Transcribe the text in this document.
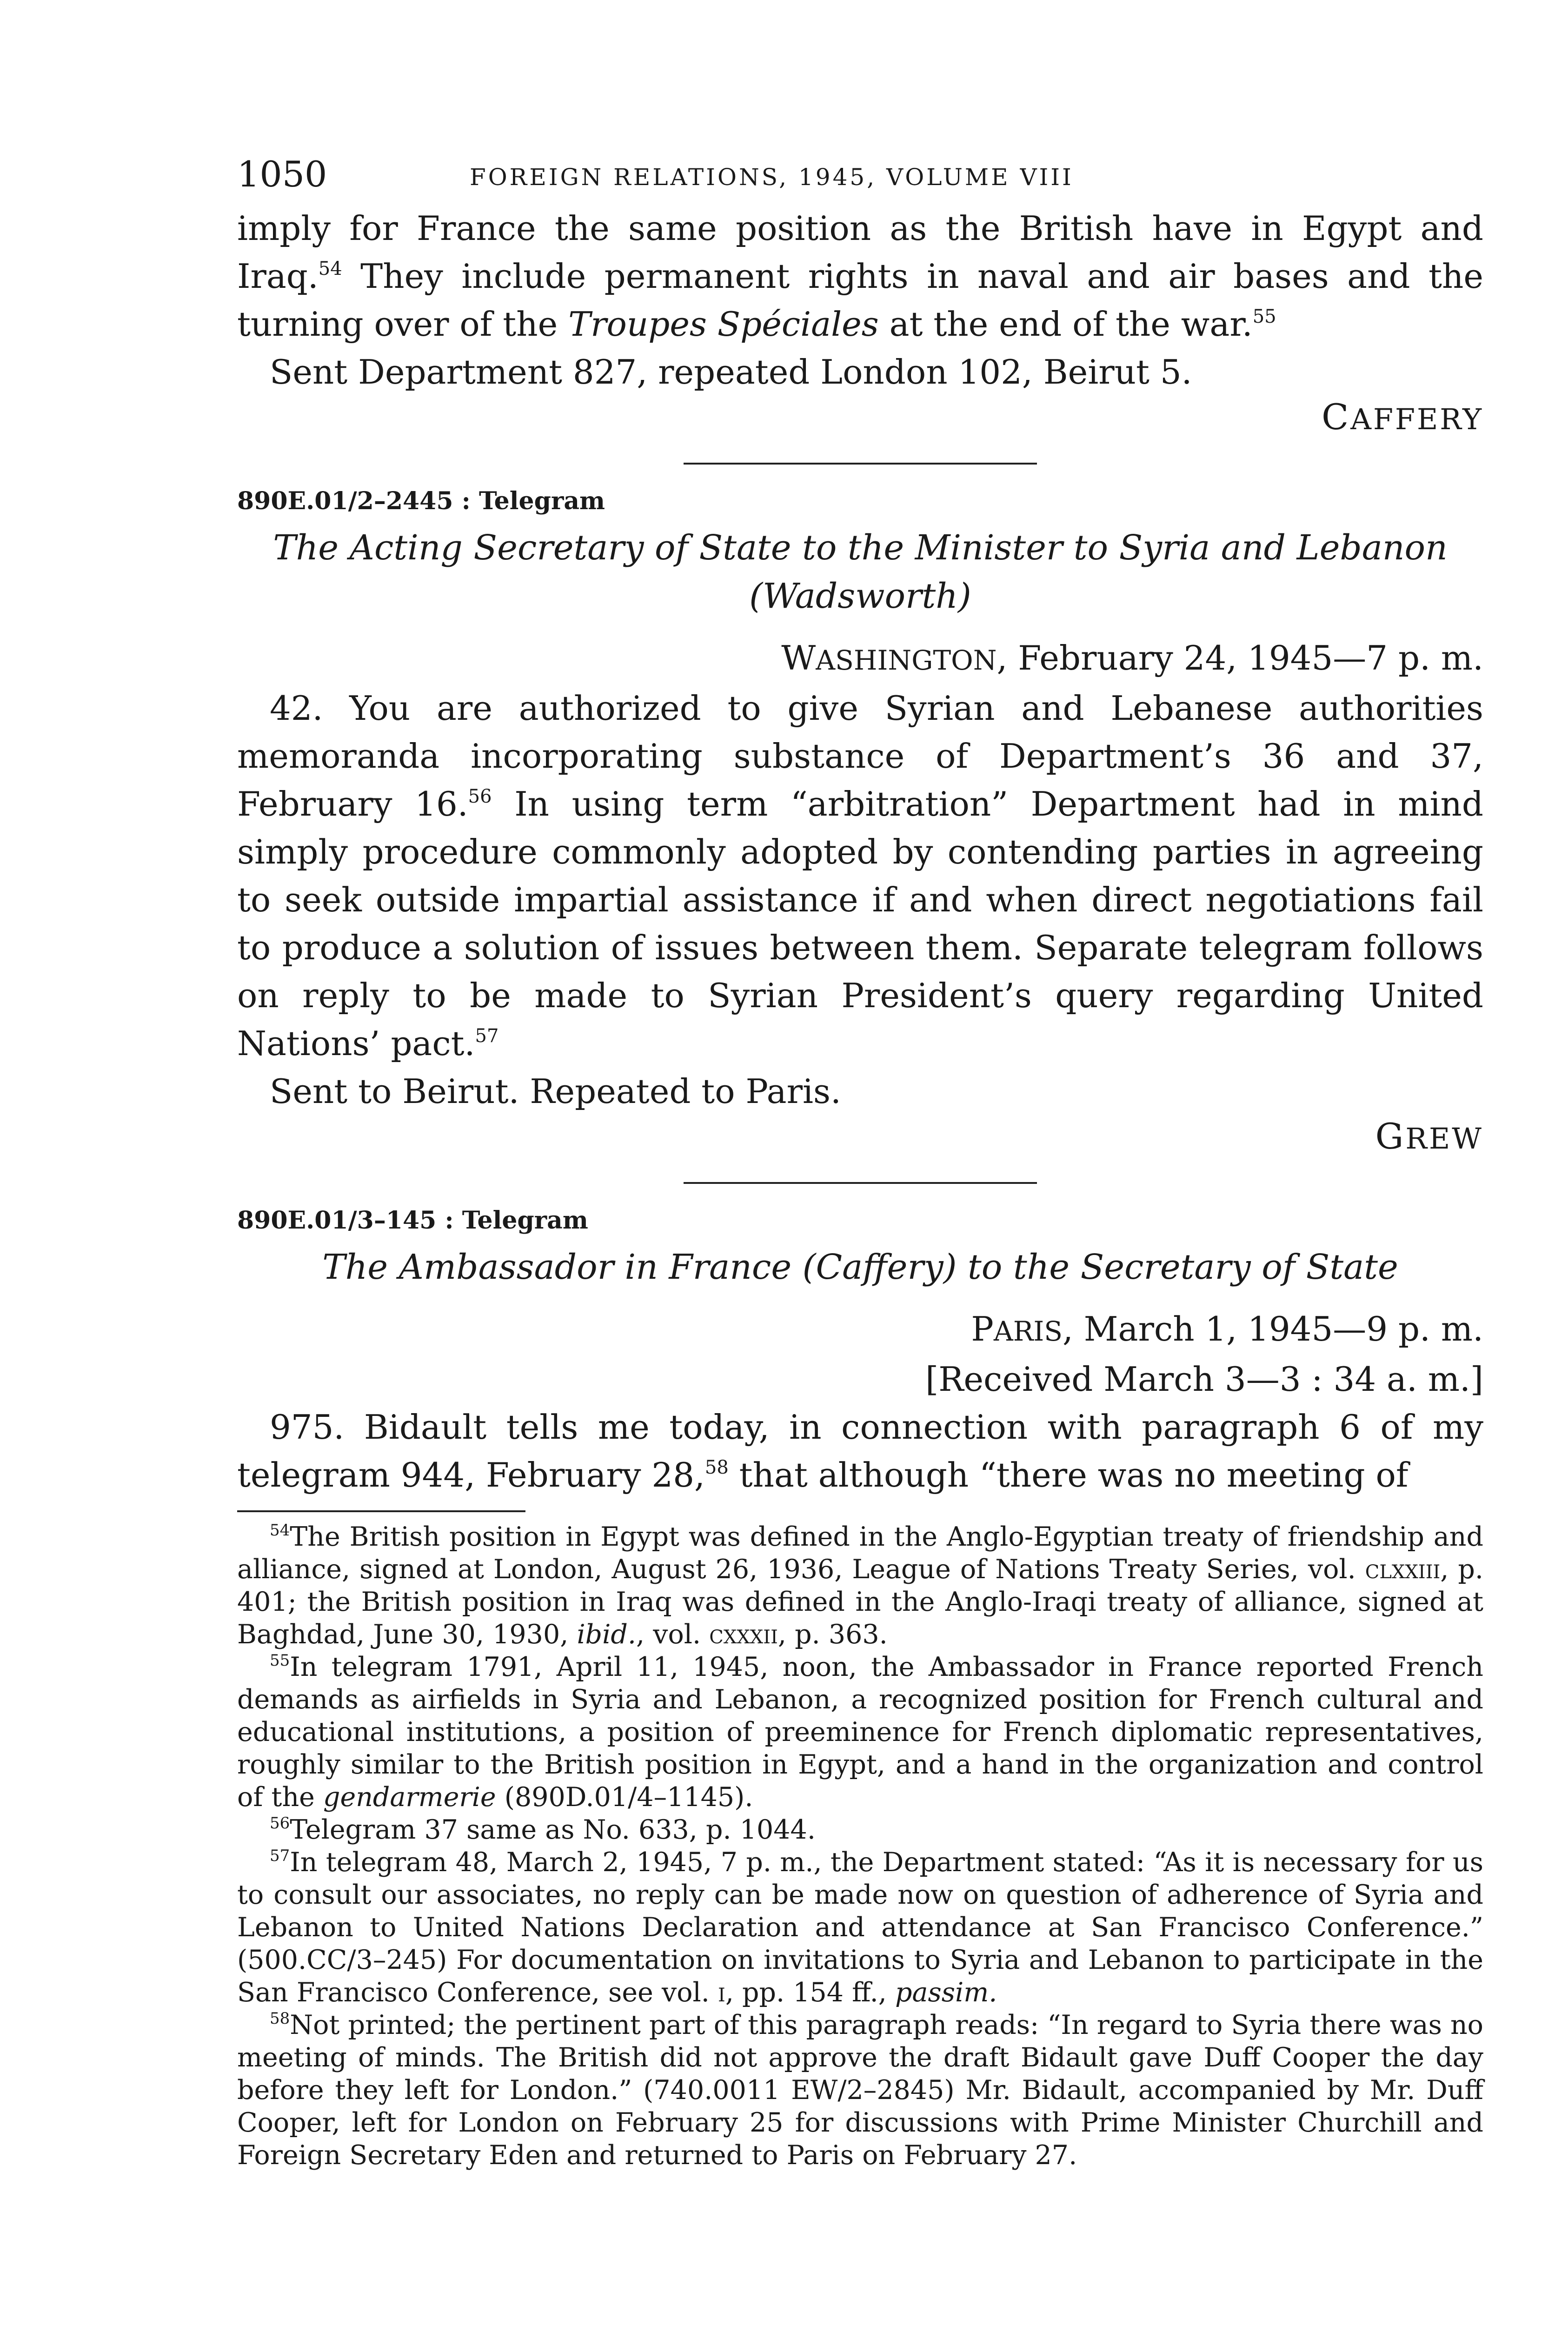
1050	FOREIGN RELATIONS, 1945, VOLUME VIII

imply for France the same position as the British have in Egypt and Iraq.$^{54}$ They include permanent rights in naval and air bases and the turning over of the Troupes Spéciales at the end of the war.$^{55}$

Sent Department 827, repeated London 102, Beirut 5.

CAFFERY

890E.01/2–2445 : Telegram

The Acting Secretary of State to the Minister to Syria and Lebanon
(Wadsworth)

WASHINGTON, February 24, 1945—7 p. m.

42. You are authorized to give Syrian and Lebanese authorities memoranda incorporating substance of Department’s 36 and 37, February 16.56 In using term “arbitration” Department had in mind simply procedure commonly adopted by contending parties in agreeing to seek outside impartial assistance if and when direct negotiations fail to produce a solution of issues between them. Separate telegram follows on reply to be made to Syrian President’s query regarding United Nations’ pact.$^{57}$

Sent to Beirut. Repeated to Paris.

GREW

890E.01/3–145 : Telegram

The Ambassador in France (Caffery) to the Secretary of State

PARIS, March 1, 1945—9 p. m.

[Received March 3—3 : 34 a. m.]

975. Bidault tells me today, in connection with paragraph 6 of my telegram 944, February 28,58 that although “there was no meeting of

$^{54}$The British position in Egypt was defined in the Anglo-Egyptian treaty of friendship and alliance, signed at London, August 26, 1936, League of Nations Treaty Series, vol. clxxiii, p. 401; the British position in Iraq was defined in the Anglo-Iraqi treaty of alliance, signed at Baghdad, June 30, 1930, ibid., vol. cxxxii, p. 363.

$^{55}$In telegram 1791, April 11, 1945, noon, the Ambassador in France reported French demands as airfields in Syria and Lebanon, a recognized position for French cultural and educational institutions, a position of preeminence for French diplomatic representatives, roughly similar to the British position in Egypt, and a hand in the organization and control of the gendarmerie (890D.01/4–1145).

$^{56}$Telegram 37 same as No. 633, p. 1044.

$^{57}$In telegram 48, March 2, 1945, 7 p. m., the Department stated: “As it is necessary for us to consult our associates, no reply can be made now on question of adherence of Syria and Lebanon to United Nations Declaration and attendance at San Francisco Conference.” (500.CC/3–245) For documentation on invitations to Syria and Lebanon to participate in the San Francisco Conference, see vol. i, pp. 154 ff., passim.

$^{58}$Not printed; the pertinent part of this paragraph reads: “In regard to Syria there was no meeting of minds. The British did not approve the draft Bidault gave Duff Cooper the day before they left for London.” (740.0011 EW/2–2845) Mr. Bidault, accompanied by Mr. Duff Cooper, left for London on February 25 for discussions with Prime Minister Churchill and Foreign Secretary Eden and returned to Paris on February 27.
